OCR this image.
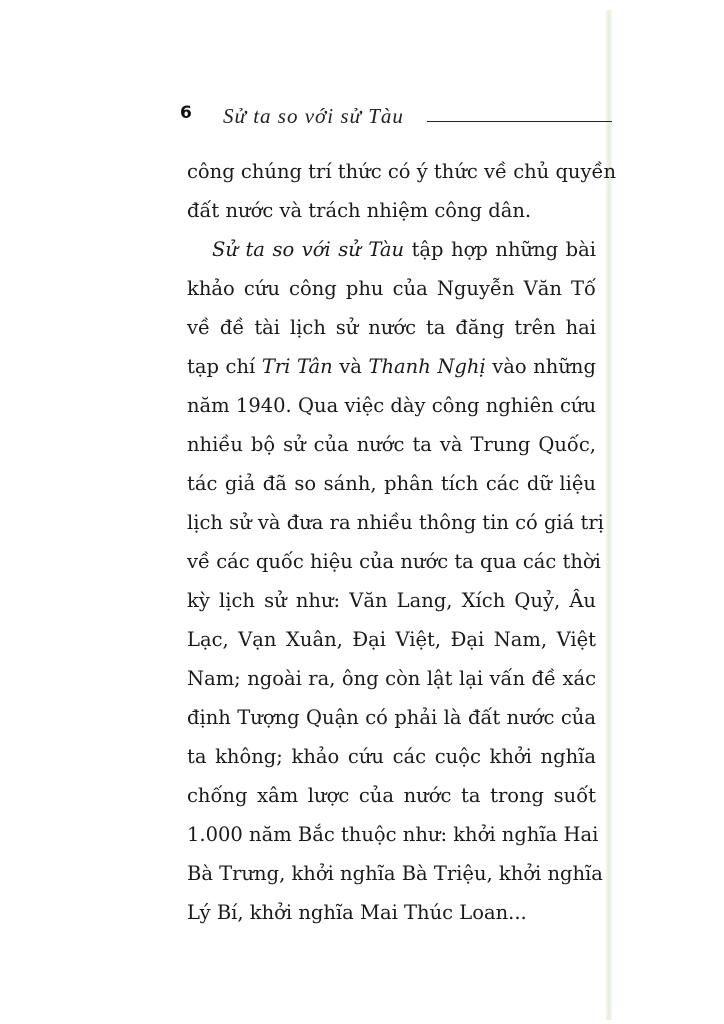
6 Sử ta so với sử Tàu
công chúng trí thức có ý thức về chủ quyền
đất nước và trách nhiệm công dân.
Sử ta so với sử Tàu tập hợp những bài
khảo cứu công phu của Nguyễn Văn Tố
về đề tài lịch sử nước ta đăng trên hai
tạp chí Tri Tân và Thanh Nghị vào những
năm 1940. Qua việc dày công nghiên cứu
nhiều bộ sử của nước ta và Trung Quốc,
tác giả đã so sánh, phân tích các dữ liệu
lịch sử và đưa ra nhiều thông tin có giá trị
về các quốc hiệu của nước ta qua các thời
kỳ lịch sử như: Văn Lang, Xích Quỷ, Âu
Lạc, Vạn Xuân, Đại Việt, Đại Nam, Việt
Nam; ngoài ra, ông còn lật lại vấn đề xác
định Tượng Quận có phải là đất nước của
ta không; khảo cứu các cuộc khởi nghĩa
chống xâm lược của nước ta trong suốt
1.000 năm Bắc thuộc như: khởi nghĩa Hai
Bà Trưng, khởi nghĩa Bà Triệu, khởi nghĩa
Lý Bí, khởi nghĩa Mai Thúc Loan...
